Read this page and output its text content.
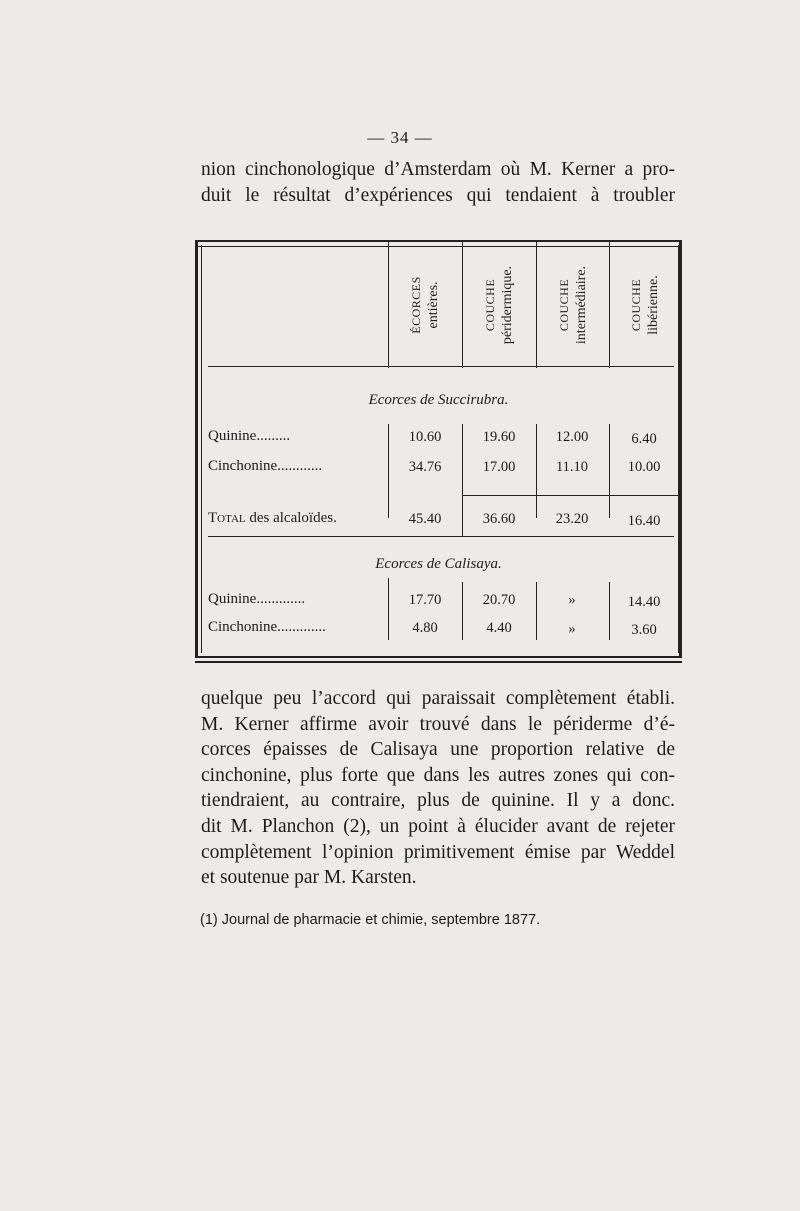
— 34 —
nion cinchonologique d’Amsterdam où M. Kerner a pro-
duit le résultat d’expériences qui tendaient à troubler
ÉCORCES entières.	COUCHE péridermique.	COUCHE intermédiaire.	COUCHE libérienne.
Ecorces de Succirubra.
Quinine.........	10.60	19.60	12.00	6.40
Cinchonine............	34.76	17.00	11.10	10.00
Total des alcaloïdes.	45.40	36.60	23.20	16.40
Ecorces de Calisaya.
Quinine.............	17.70	20.70	»	14.40
Cinchonine.............	4.80	4.40	»	3.60
quelque peu l’accord qui paraissait complètement établi.
M. Kerner affirme avoir trouvé dans le périderme d’é-
corces épaisses de Calisaya une proportion relative de
cinchonine, plus forte que dans les autres zones qui con-
tiendraient, au contraire, plus de quinine. Il y a donc.
dit M. Planchon (2), un point à élucider avant de rejeter
complètement l’opinion primitivement émise par Weddel
et soutenue par M. Karsten.
(1) Journal de pharmacie et chimie, septembre 1877.
